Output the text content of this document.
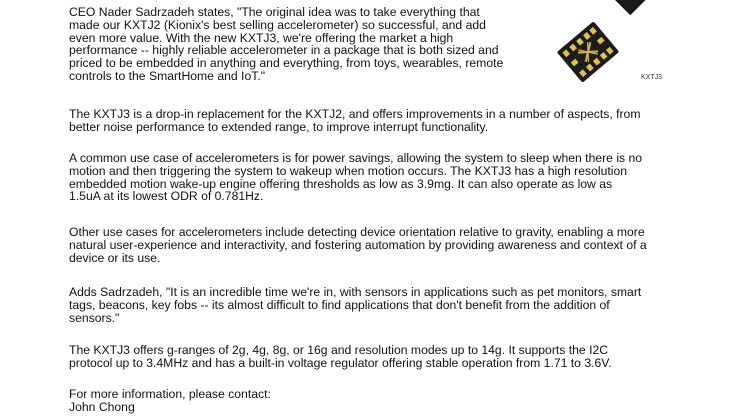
CEO Nader Sadrzadeh states, "The original idea was to take everything that
made our KXTJ2 (Kionix's best selling accelerometer) so successful, and add
even more value. With the new KXTJ3, we're offering the market a high
performance -- highly reliable accelerometer in a package that is both sized and
priced to be embedded in anything and everything, from toys, wearables, remote
controls to the SmartHome and IoT."	KXTJ3
The KXTJ3 is a drop-in replacement for the KXTJ2, and offers improvements in a number of aspects, from
better noise performance to extended range, to improve interrupt functionality.
A common use case of accelerometers is for power savings, allowing the system to sleep when there is no
motion and then triggering the system to wakeup when motion occurs. The KXTJ3 has a high resolution
embedded motion wake-up engine offering thresholds as low as 3.9mg. It can also operate as low as
1.5uA at its lowest ODR of 0.781Hz.
Other use cases for accelerometers include detecting device orientation relative to gravity, enabling a more
natural user-experience and interactivity, and fostering automation by providing awareness and context of a
device or its use.
Adds Sadrzadeh, "It is an incredible time we're in, with sensors in applications such as pet monitors, smart
tags, beacons, key fobs -- its almost difficult to find applications that don't benefit from the addition of
sensors."
The KXTJ3 offers g-ranges of 2g, 4g, 8g, or 16g and resolution modes up to 14g. It supports the I2C
protocol up to 3.4MHz and has a built-in voltage regulator offering stable operation from 1.71 to 3.6V.
For more information, please contact:
John Chong
